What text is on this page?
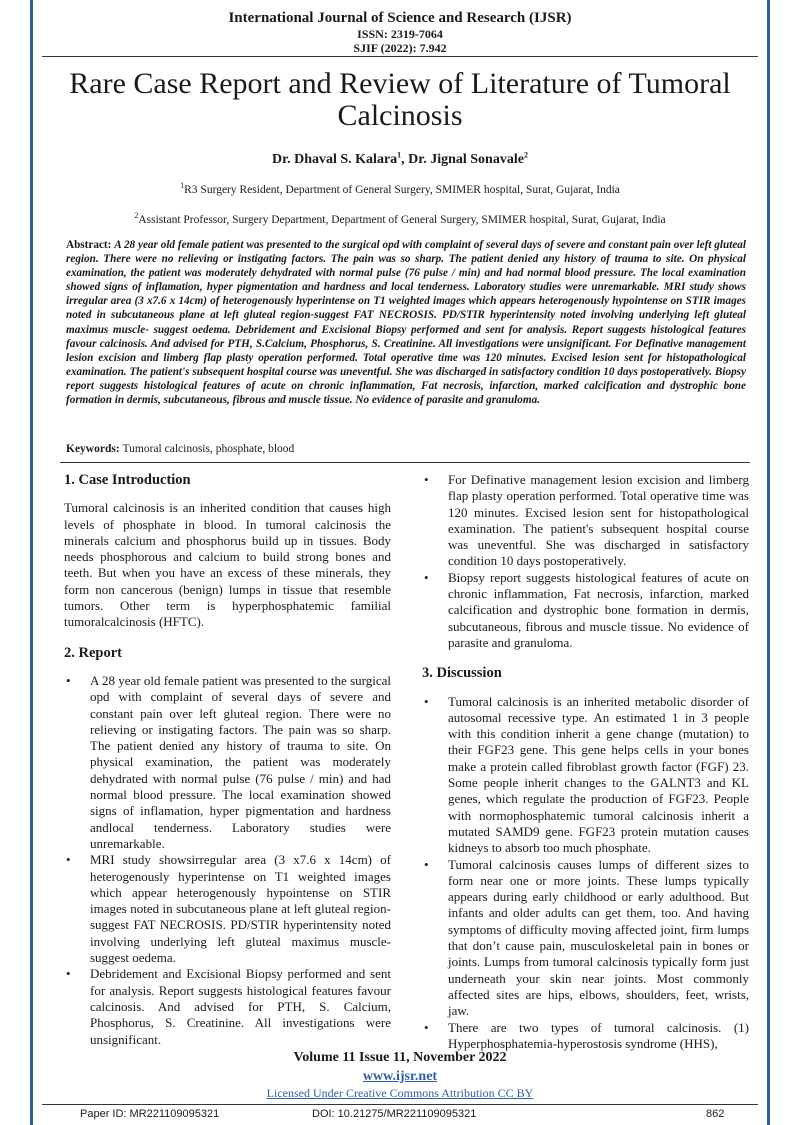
International Journal of Science and Research (IJSR)
ISSN: 2319-7064
SJIF (2022): 7.942
Rare Case Report and Review of Literature of Tumoral Calcinosis
Dr. Dhaval S. Kalara$^1$, Dr. Jignal Sonavale$^2$
$^1$R3 Surgery Resident, Department of General Surgery, SMIMER hospital, Surat, Gujarat, India
$^2$Assistant Professor, Surgery Department, Department of General Surgery, SMIMER hospital, Surat, Gujarat, India

Abstract: A 28 year old female patient was presented to the surgical opd with complaint of several days of severe and constant pain over left gluteal region. There were no relieving or instigating factors. The pain was so sharp. The patient denied any history of trauma to site. On physical examination, the patient was moderately dehydrated with normal pulse (76 pulse / min) and had normal blood pressure. The local examination showed signs of inflamation, hyper pigmentation and hardness and local tenderness. Laboratory studies were unremarkable. MRI study shows irregular area (3 x7.6 x 14cm) of heterogenously hyperintense on T1 weighted images which appears heterogenously hypointense on STIR images noted in subcutaneous plane at left gluteal region-suggest FAT NECROSIS. PD/STIR hyperintensity noted involving underlying left gluteal maximus muscle- suggest oedema. Debridement and Excisional Biopsy performed and sent for analysis. Report suggests histological features favour calcinosis. And advised for PTH, S.Calcium, Phosphorus, S. Creatinine. All investigations were unsignificant. For Definative management lesion excision and limberg flap plasty operation performed. Total operative time was 120 minutes. Excised lesion sent for histopathological examination. The patient's subsequent hospital course was uneventful. She was discharged in satisfactory condition 10 days postoperatively. Biopsy report suggests histological features of acute on chronic inflammation, Fat necrosis, infarction, marked calcification and dystrophic bone formation in dermis, subcutaneous, fibrous and muscle tissue. No evidence of parasite and granuloma.

Keywords: Tumoral calcinosis, phosphate, blood
1. Case Introduction

Tumoral calcinosis is an inherited condition that causes high levels of phosphate in blood. In tumoral calcinosis the minerals calcium and phosphorus build up in tissues. Body needs phosphorous and calcium to build strong bones and teeth. But when you have an excess of these minerals, they form non cancerous (benign) lumps in tissue that resemble tumors. Other term is hyperphosphatemic familial tumoralcalcinosis (HFTC).

2. Report
• A 28 year old female patient was presented to the surgical opd with complaint of several days of severe and constant pain over left gluteal region. There were no relieving or instigating factors. The pain was so sharp. The patient denied any history of trauma to site. On physical examination, the patient was moderately dehydrated with normal pulse (76 pulse / min) and had normal blood pressure. The local examination showed signs of inflamation, hyper pigmentation and hardness andlocal tenderness. Laboratory studies were unremarkable.
• MRI study showsirregular area (3 x7.6 x 14cm) of heterogenously hyperintense on T1 weighted images which appear heterogenously hypointense on STIR images noted in subcutaneous plane at left gluteal region-suggest FAT NECROSIS. PD/STIR hyperintensity noted involving underlying left gluteal maximus muscle-suggest oedema.
• Debridement and Excisional Biopsy performed and sent for analysis. Report suggests histological features favour calcinosis. And advised for PTH, S. Calcium, Phosphorus, S. Creatinine. All investigations were unsignificant.
• For Definative management lesion excision and limberg flap plasty operation performed. Total operative time was 120 minutes. Excised lesion sent for histopathological examination. The patient's subsequent hospital course was uneventful. She was discharged in satisfactory condition 10 days postoperatively.
• Biopsy report suggests histological features of acute on chronic inflammation, Fat necrosis, infarction, marked calcification and dystrophic bone formation in dermis, subcutaneous, fibrous and muscle tissue. No evidence of parasite and granuloma.
3. Discussion
• Tumoral calcinosis is an inherited metabolic disorder of autosomal recessive type. An estimated 1 in 3 people with this condition inherit a gene change (mutation) to their FGF23 gene. This gene helps cells in your bones make a protein called fibroblast growth factor (FGF) 23. Some people inherit changes to the GALNT3 and KL genes, which regulate the production of FGF23. People with normophosphatemic tumoral calcinosis inherit a mutated SAMD9 gene. FGF23 protein mutation causes kidneys to absorb too much phosphate.
• Tumoral calcinosis causes lumps of different sizes to form near one or more joints. These lumps typically appears during early childhood or early adulthood. But infants and older adults can get them, too. And having symptoms of difficulty moving affected joint, firm lumps that don’t cause pain, musculoskeletal pain in bones or joints. Lumps from tumoral calcinosis typically form just underneath your skin near joints. Most commonly affected sites are hips, elbows, shoulders, feet, wrists, jaw.
• There are two types of tumoral calcinosis. (1) Hyperphosphatemia-hyperostosis syndrome (HHS),
Volume 11 Issue 11, November 2022
www.ijsr.net
Licensed Under Creative Commons Attribution CC BY
Paper ID: MR221109095321	DOI: 10.21275/MR221109095321	862
